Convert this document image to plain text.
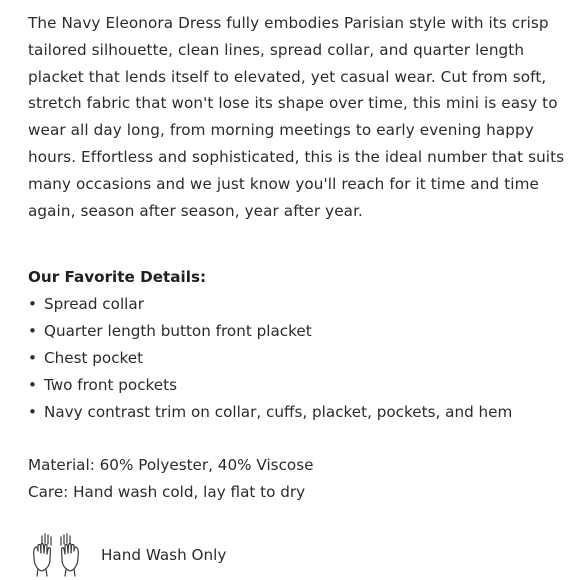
The Navy Eleonora Dress fully embodies Parisian style with its crisp tailored silhouette, clean lines, spread collar, and quarter length placket that lends itself to elevated, yet casual wear. Cut from soft, stretch fabric that won't lose its shape over time, this mini is easy to wear all day long, from morning meetings to early evening happy hours. Effortless and sophisticated, this is the ideal number that suits many occasions and we just know you'll reach for it time and time again, season after season, year after year.

Our Favorite Details:
• Spread collar
• Quarter length button front placket
• Chest pocket
• Two front pockets
• Navy contrast trim on collar, cuffs, placket, pockets, and hem
Material: 60% Polyester, 40% Viscose
Care: Hand wash cold, lay flat to dry
Hand Wash Only
